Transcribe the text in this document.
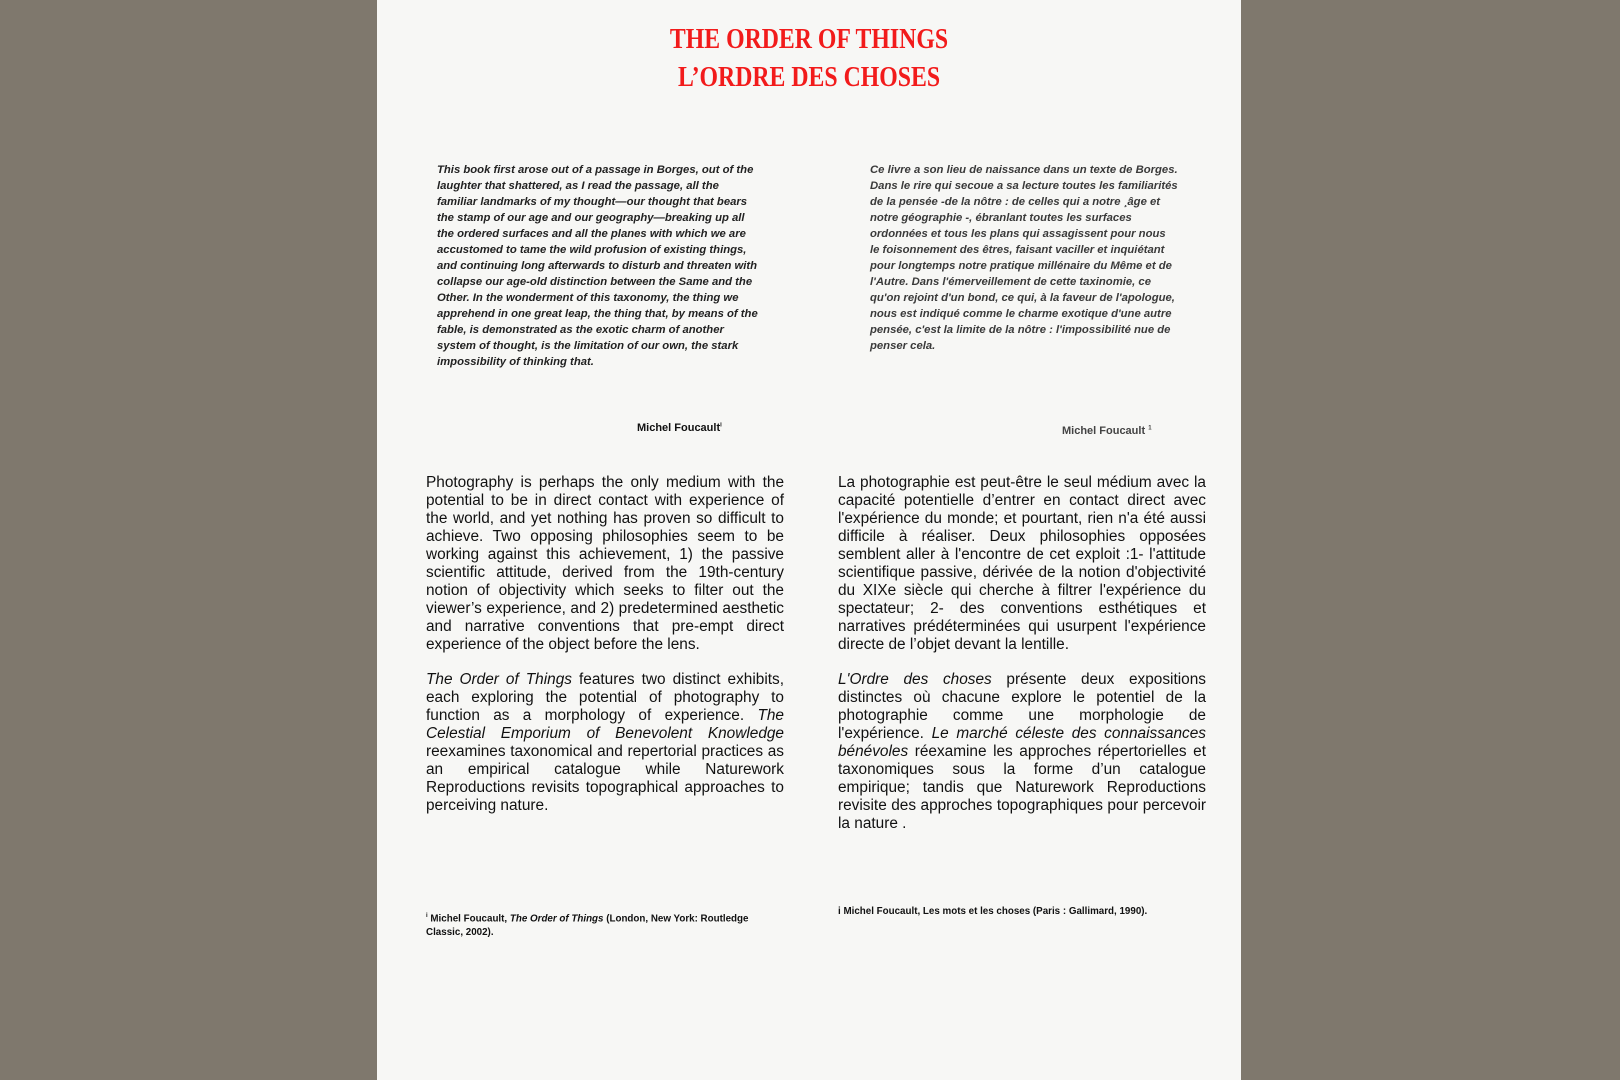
THE ORDER OF THINGS
L’ORDRE DES CHOSES

This book first arose out of a passage in Borges, out of the laughter that shattered, as I read the passage, all the familiar landmarks of my thought—our thought that bears the stamp of our age and our geography—breaking up all the ordered surfaces and all the planes with which we are accustomed to tame the wild profusion of existing things, and continuing long afterwards to disturb and threaten with collapse our age-old distinction between the Same and the Other. In the wonderment of this taxonomy, the thing we apprehend in one great leap, the thing that, by means of the fable, is demonstrated as the exotic charm of another system of thought, is the limitation of our own, the stark impossibility of thinking that.

Michel Foucault$^i$

Ce livre a son lieu de naissance dans un texte de Borges. Dans le rire qui secoue a sa lecture toutes les familiarités de la pensée -de la nôtre : de celles qui a notre ¸âge et notre géographie -, ébranlant toutes les surfaces ordonnées et tous les plans qui assagissent pour nous le foisonnement des êtres, faisant vaciller et inquiétant pour longtemps notre pratique millénaire du Même et de l'Autre. Dans l'émerveillement de cette taxinomie, ce qu'on rejoint d'un bond, ce qui, à la faveur de l'apologue, nous est indiqué comme le charme exotique d'une autre pensée, c'est la limite de la nôtre : l'impossibilité nue de penser cela.

Michel Foucault $^1$

Photography is perhaps the only medium with the potential to be in direct contact with experience of the world, and yet nothing has proven so difficult to achieve. Two opposing philosophies seem to be working against this achievement, 1) the passive scientific attitude, derived from the 19th-century notion of objectivity which seeks to filter out the viewer’s experience, and 2) predetermined aesthetic and narrative conventions that pre-empt direct experience of the object before the lens.

The Order of Things features two distinct exhibits, each exploring the potential of photography to function as a morphology of experience. The Celestial Emporium of Benevolent Knowledge reexamines taxonomical and repertorial practices as an empirical catalogue while Naturework Reproductions revisits topographical approaches to perceiving nature.

La photographie est peut-être le seul médium avec la capacité potentielle d’entrer en contact direct avec l'expérience du monde; et pourtant, rien n'a été aussi difficile à réaliser. Deux philosophies opposées semblent aller à l'encontre de cet exploit :1- l'attitude scientifique passive, dérivée de la notion d'objectivité du XIXe siècle qui cherche à filtrer l'expérience du spectateur; 2- des conventions esthétiques et narratives prédéterminées qui usurpent l'expérience directe de l’objet devant la lentille.

L'Ordre des choses présente deux expositions distinctes où chacune explore le potentiel de la photographie comme une morphologie de l'expérience. Le marché céleste des connaissances bénévoles réexamine les approches répertorielles et taxonomiques sous la forme d’un catalogue empirique; tandis que Naturework Reproductions revisite des approches topographiques pour percevoir la nature .

$^i$ Michel Foucault, The Order of Things (London, New York: Routledge Classic, 2002).
i Michel Foucault, Les mots et les choses (Paris : Gallimard, 1990).
